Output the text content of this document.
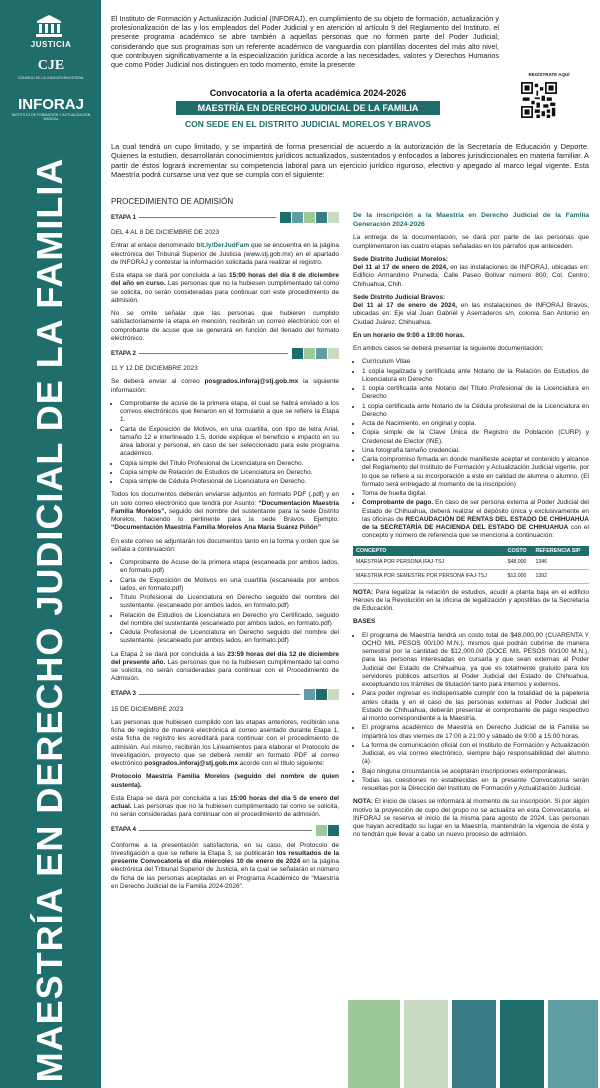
JUSTICIA
CJE
CONSEJO DE LA JUDICATURA ESTATAL
INFORAJ
INSTITUTO DE FORMACIÓN Y ACTUALIZACIÓN JUDICIAL
MAESTRÍA EN DERECHO JUDICIAL DE LA FAMILIA
El Instituto de Formación y Actualización Judicial (INFORAJ), en cumplimiento de su objeto de formación, actualización y profesionalización de las y los empleados del Poder Judicial y en atención al artículo 9 del Reglamento del Instituto, el presente programa académico se abre también a aquellas personas que no formen parte del Poder Judicial; considerando que sus programas son un referente académico de vanguardia con plantillas docentes del más alto nivel, que contribuyen significativamente a la especialización jurídica acorde a las necesidades, valores y Derechos Humanos que como Poder Judicial nos distinguen en todo momento, emite la presente
REGÍSTRATE AQUÍ
Convocatoria a la oferta académica 2024-2026
MAESTRÍA EN DERECHO JUDICIAL DE LA FAMILIA
CON SEDE EN EL DISTRITO JUDICIAL MORELOS Y BRAVOS
La cual tendrá un cupo limitado, y se impartirá de forma presencial de acuerdo a la autorización de la Secretaría de Educación y Deporte. Quienes la estudien, desarrollarán conocimientos jurídicos actualizados, sustentados y enfocados a labores jurisdiccionales en materia familiar. A partir de éstos logrará incrementar su competencia laboral para un ejercicio jurídico riguroso, efectivo y apegado al marco legal vigente. Esta Maestría podrá cursarse una vez que se cumpla con el siguiente:
PROCEDIMIENTO DE ADMISIÓN
ETAPA 1

DEL 4 AL 8 DE DICIEMBRE DE 2023

Entrar al enlace denominado bit.ly/DerJudFam que se encuentra en la página electrónica del Tribunal Superior de Justicia (www.stj.gob.mx) en el apartado de INFORAJ y contestar la información solicitada para realizar el registro.

Esta etapa se dará por concluida a las 15:00 horas del día 8 de diciembre del año en curso. Las personas que no la hubiesen cumplimentado tal como se solicita, no serán consideradas para continuar con este procedimiento de admisión.

No se omite señalar que las personas que hubieren cumplido satisfactoriamente la etapa en mención, recibirán un correo electrónico con el comprobante de acuse que se generará en función del llenado del formato electrónico.

ETAPA 2

11 Y 12 DE DICIEMBRE 2023

Se deberá enviar al correo posgrados.inforaj@stj.gob.mx la siguiente información:

• Comprobante de acuse de la primera etapa, el cual se habrá enviado a los correos electrónicos que llenaron en el formulario a que se refiere la Etapa 1.
• Carta de Exposición de Motivos, en una cuartilla, con tipo de letra Arial, tamaño 12 e interlineado 1.5, donde explique el beneficio e impacto en su área laboral y personal, en caso de ser seleccionado para este programa académico.
• Copia simple del Título Profesional de Licenciatura en Derecho.
• Copia simple de Relación de Estudios de Licenciatura en Derecho.
• Copia simple de Cédula Profesional de Licenciatura en Derecho.

Todos los documentos deberán enviarse adjuntos en formato PDF (.pdf) y en un solo correo electrónico que tendrá por Asunto: “Documentación Maestría Familia Morelos”, seguido del nombre del sustentante para la sede Distrito Morelos, haciendo lo pertinente para la sede Bravos. Ejemplo: “Documentación Maestría Familia Morelos Ana María Suárez Piñón”

En este correo se adjuntarán los documentos tanto en la forma y orden que se señala a continuación:

• Comprobante de Acuse de la primera etapa (escaneada por ambos lados, en formato.pdf)
• Carta de Exposición de Motivos en una cuartilla (escaneada por ambos lados, en formato.pdf)
• Título Profesional de Licenciatura en Derecho seguido del nombre del sustentante. (escaneado por ambos lados, en formato.pdf)
• Relación de Estudios de Licenciatura en Derecho y/o Certificado, seguido del nombre del sustentante (escaneado por ambos lados, en formato.pdf)
• Cédula Profesional de Licenciatura en Derecho seguido del nombre del sustentante. (escaneado por ambos lados, en formato.pdf)

La Etapa 2 se dará por concluida a las 23:59 horas del día 12 de diciembre del presente año. Las personas que no la hubiesen cumplimentado tal como se solicita, no serán consideradas para continuar con el Procedimiento de Admisión.

ETAPA 3

15 DE DICIEMBRE 2023

Las personas que hubiesen cumplido con las etapas anteriores, recibirán una ficha de registro de manera electrónica al correo asentado durante Etapa 1, esta ficha de registro les acreditará para continuar con el procedimiento de admisión. Así mismo, recibirán los Lineamientos para elaborar el Protocolo de Investigación, proyecto que se deberá remitir en formato PDF al correo electrónico posgrados.inforaj@stj.gob.mx acorde con el título siguiente:

Protocolo Maestría Familia Morelos (seguido del nombre de quien sustenta).

Esta Etapa se dará por concluida a las 15:00 horas del día 5 de enero del actual. Las personas que no la hubiesen cumplimentado tal como se solicita, no serán consideradas para continuar con el procedimiento de admisión.

ETAPA 4

Conforme a la presentación satisfactoria, en su caso, del Protocolo de Investigación a que se refiere la Etapa 3, se publicarán los resultados de la presente Convocatoria el día miércoles 10 de enero de 2024 en la página electrónica del Tribunal Superior de Justicia, en la cual se señalarán el número de ficha de las personas aceptadas en el Programa Académico de “Maestría en Derecho Judicial de la Familia 2024-2026”.

De la inscripción a la Maestría en Derecho Judicial de la Familia Generación 2024-2026

La entrega de la documentación, se dará por parte de las personas que cumplimentaron las cuatro etapas señaladas en los párrafos que anteceden.

Sede Distrito Judicial Morelos:
Del 11 al 17 de enero de 2024, en las instalaciones de INFORAJ, ubicadas en: Edificio Armandino Pruneda; Calle Paseo Bolívar número 800; Col. Centro; Chihuahua, Chih.

Sede Distrito Judicial Bravos:
Del 11 al 17 de enero de 2024, en las instalaciones de INFORAJ Bravos, ubicadas en: Eje vial Juan Gabriel y Aserraderos s/n, colonia San Antonio en Ciudad Juárez, Chihuahua.

En un horario de 9:00 a 19:00 horas.

En ambos casos se deberá presentar la siguiente documentación:

• Currículum Vitae
• 1 copia legalizada y certificada ante Notario de la Relación de Estudios de Licenciatura en Derecho
• 1 copia certificada ante Notario del Título Profesional de la Licenciatura en Derecho
• 1 copia certificada ante Notario de la Cédula profesional de la Licenciatura en Derecho
• Acta de Nacimiento, en original y copia.
• Copia simple de la Clave Única de Registro de Población (CURP) y Credencial de Elector (INE).
• Una fotografía tamaño credencial.
• Carta compromiso firmada en donde manifieste aceptar el contenido y alcance del Reglamento del Instituto de Formación y Actualización Judicial vigente, por lo que se refiere a su incorporación a este en calidad de alumna o alumno. (El formato será entregado al momento de la inscripción)
• Toma de huella digital.
• Comprobante de pago. En caso de ser persona externa al Poder Judicial del Estado de Chihuahua, deberá realizar el depósito única y exclusivamente en las oficinas de RECAUDACIÓN DE RENTAS DEL ESTADO DE CHIHUAHUA de la SECRETARÍA DE HACIENDA DEL ESTADO DE CHIHUAHUA con el concepto y número de referencia que se menciona a continuación:
CONCEPTO	COSTO	REFERENCIA SIP
MAESTRÍA POR PERSONA IFAJ-TSJ	$48,000	1346
MAESTRÍA POR SEMESTRE POR PERSONA IFAJ-TSJ	$12,000	1392

NOTA: Para legalizar la relación de estudios, acudir a planta baja en el edificio Héroes de la Revolución en la oficina de legalización y apostillas de la Secretaría de Educación.

BASES

• El programa de Maestría tendrá un costo total de $48,000.00 (CUARENTA Y OCHO MIL PESOS 00/100 M.N.), mismos que podrán cubrirse de manera semestral por la cantidad de $12,000.00 (DOCE MIL PESOS 00/100 M.N.), para las personas interesadas en cursarla y que sean externas al Poder Judicial del Estado de Chihuahua, ya que es totalmente gratuito para los servidores públicos adscritos al Poder Judicial del Estado de Chihuahua, exceptuando los trámites de titulación tanto para internos y externos.
• Para poder ingresar es indispensable cumplir con la totalidad de la papelería antes citada y en el caso de las personas externas al Poder Judicial del Estado de Chihuahua, deberán presentar el comprobante de pago respectivo al monto correspondiente a la Maestría.
• El programa académico de Maestría en Derecho Judicial de la Familia se impartirá los días viernes de 17:00 a 21:00 y sábado de 9:00 a 15:00 horas.
• La forma de comunicación oficial con el Instituto de Formación y Actualización Judicial, es vía correo electrónico, siempre bajo responsabilidad del alumno (a).
• Bajo ninguna circunstancia se aceptarán inscripciones extemporáneas.
• Todas las cuestiones no establecidas en la presente Convocatoria serán resueltas por la Dirección del Instituto de Formación y Actualización Judicial.

NOTA: El inicio de clases se informará al momento de su inscripción. Si por algún motivo la proyección de cupo del grupo no se actualiza en esta Convocatoria, el INFORAJ se reserva el inicio de la misma para agosto de 2024. Las personas que hayan acreditado su lugar en la Maestría, mantendrán la vigencia de ésta y no tendrán que llevar a cabo un nuevo proceso de admisión.
